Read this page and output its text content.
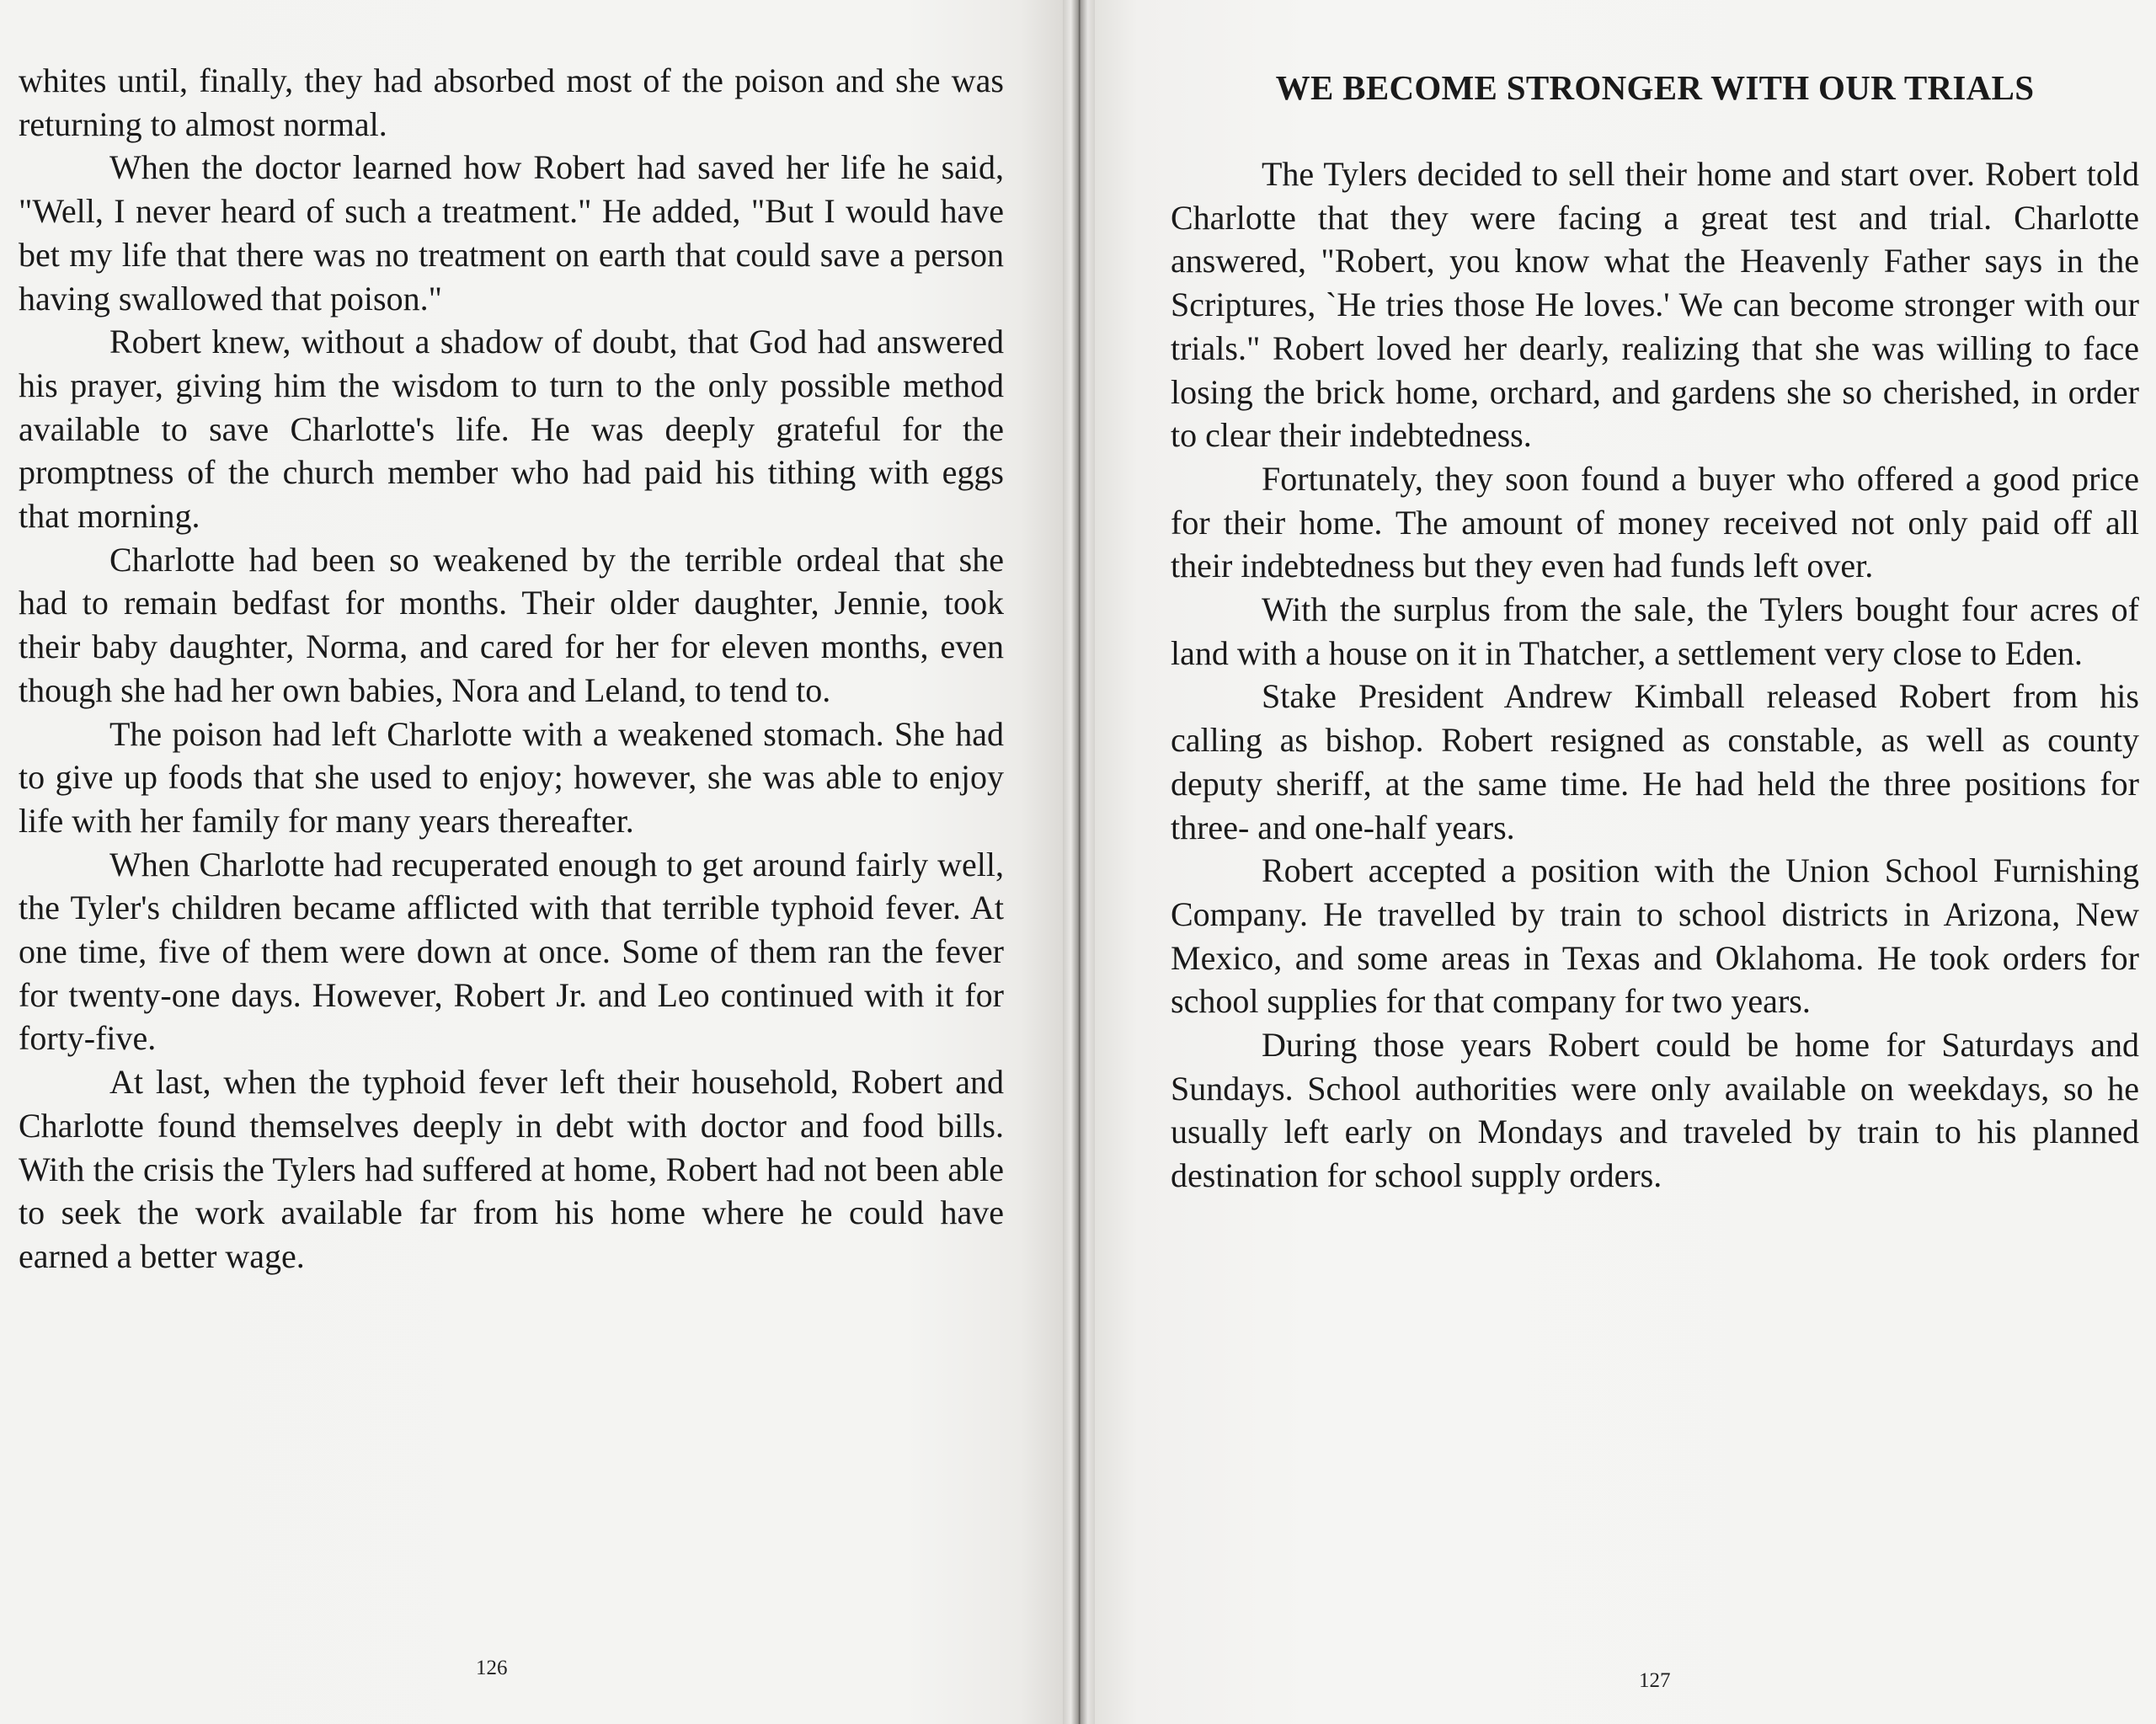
whites until, finally, they had absorbed most of the poison and she was returning to almost normal.

When the doctor learned how Robert had saved her life he said, "Well, I never heard of such a treatment." He added, "But I would have bet my life that there was no treatment on earth that could save a person having swallowed that poison."

Robert knew, without a shadow of doubt, that God had answered his prayer, giving him the wisdom to turn to the only possible method available to save Charlotte's life. He was deeply grateful for the promptness of the church member who had paid his tithing with eggs that morning.

Charlotte had been so weakened by the terrible ordeal that she had to remain bedfast for months. Their older daughter, Jennie, took their baby daughter, Norma, and cared for her for eleven months, even though she had her own babies, Nora and Leland, to tend to.

The poison had left Charlotte with a weakened stomach. She had to give up foods that she used to enjoy; however, she was able to enjoy life with her family for many years thereafter.

When Charlotte had recuperated enough to get around fairly well, the Tyler's children became afflicted with that terrible typhoid fever. At one time, five of them were down at once. Some of them ran the fever for twenty-one days. However, Robert Jr. and Leo continued with it for forty-five.

At last, when the typhoid fever left their household, Robert and Charlotte found themselves deeply in debt with doctor and food bills. With the crisis the Tylers had suffered at home, Robert had not been able to seek the work available far from his home where he could have earned a better wage.

126
WE BECOME STRONGER WITH OUR TRIALS

The Tylers decided to sell their home and start over. Robert told Charlotte that they were facing a great test and trial. Charlotte answered, "Robert, you know what the Heavenly Father says in the Scriptures, `He tries those He loves.' We can become stronger with our trials." Robert loved her dearly, realizing that she was willing to face losing the brick home, orchard, and gardens she so cherished, in order to clear their indebtedness.

Fortunately, they soon found a buyer who offered a good price for their home. The amount of money received not only paid off all their indebtedness but they even had funds left over.

With the surplus from the sale, the Tylers bought four acres of land with a house on it in Thatcher, a settlement very close to Eden.

Stake President Andrew Kimball released Robert from his calling as bishop. Robert resigned as constable, as well as county deputy sheriff, at the same time. He had held the three positions for three- and one-half years.

Robert accepted a position with the Union School Furnishing Company. He travelled by train to school districts in Arizona, New Mexico, and some areas in Texas and Oklahoma. He took orders for school supplies for that company for two years.

During those years Robert could be home for Saturdays and Sundays. School authorities were only available on weekdays, so he usually left early on Mondays and traveled by train to his planned destination for school supply orders.

127
